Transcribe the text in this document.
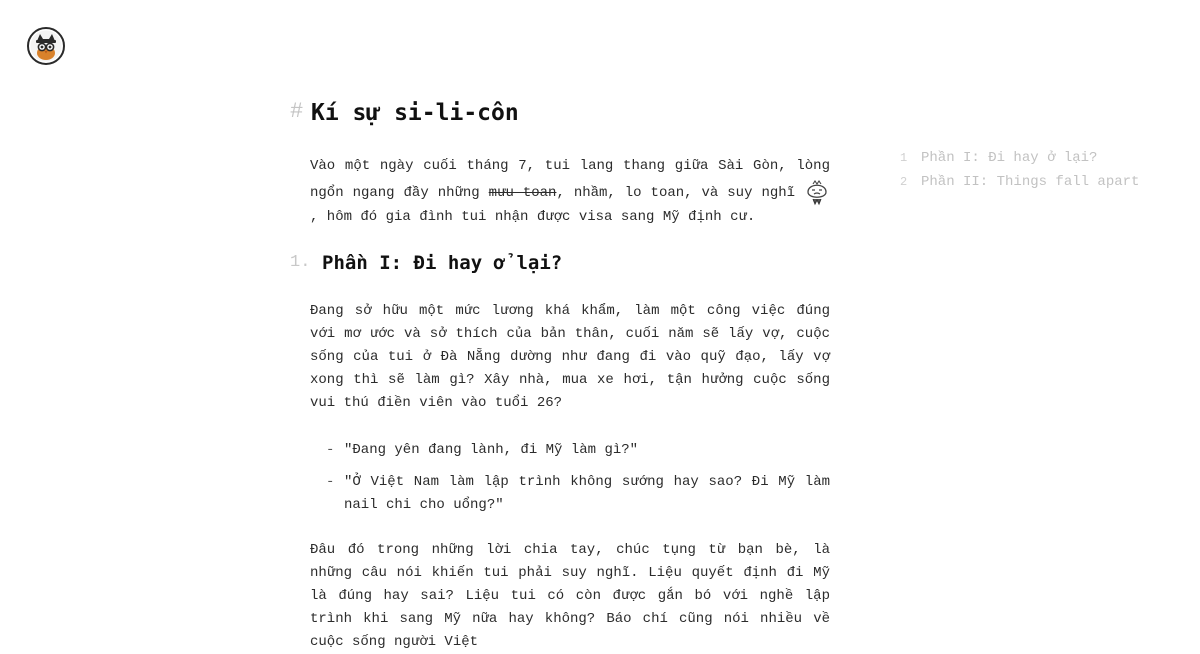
# Kí sự si-li-côn

Vào một ngày cuối tháng 7, tui lang thang giữa Sài Gòn, lòng ngổn ngang đầy những mưu toan, nhầm, lo toan, và suy nghĩ , hôm đó gia đình tui nhận được visa sang Mỹ định cư.

1. Phần I: Đi hay ở lại?

Đang sở hữu một mức lương khá khẩm, làm một công việc đúng với mơ ước và sở thích của bản thân, cuối năm sẽ lấy vợ, cuộc sống của tui ở Đà Nẵng dường như đang đi vào quỹ đạo, lấy vợ xong thì sẽ làm gì? Xây nhà, mua xe hơi, tận hưởng cuộc sống vui thú điền viên vào tuổi 26?

- "Đang yên đang lành, đi Mỹ làm gì?"
- "Ở Việt Nam làm lập trình không sướng hay sao? Đi Mỹ làm nail chi cho uổng?"

Đâu đó trong những lời chia tay, chúc tụng từ bạn bè, là những câu nói khiến tui phải suy nghĩ. Liệu quyết định đi Mỹ là đúng hay sai? Liệu tui có còn được gắn bó với nghề lập trình khi sang Mỹ nữa hay không? Báo chí cũng nói nhiều về cuộc sống người Việt

1 Phần I: Đi hay ở lại?
2 Phần II: Things fall apart
